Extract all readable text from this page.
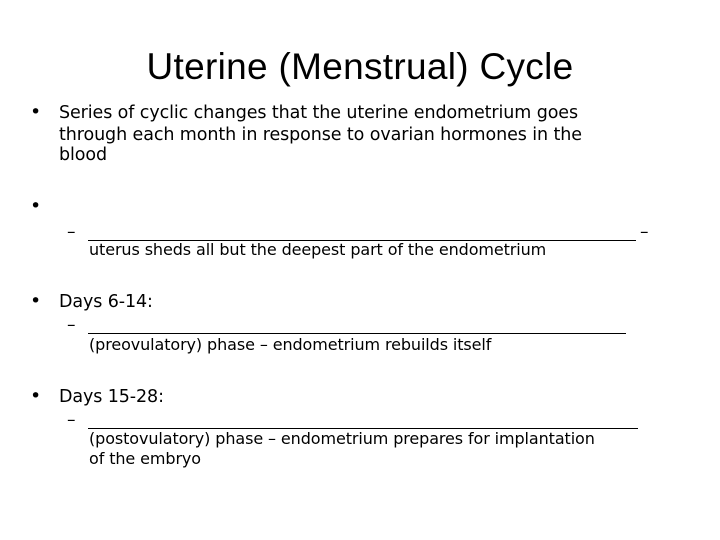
Uterine (Menstrual) Cycle
• Series of cyclic changes that the uterine endometrium goes
through each month in response to ovarian hormones in the
blood
•
–	–
uterus sheds all but the deepest part of the endometrium
• Days 6-14:
–
(preovulatory) phase – endometrium rebuilds itself
• Days 15-28:
–
(postovulatory) phase – endometrium prepares for implantation
of the embryo
